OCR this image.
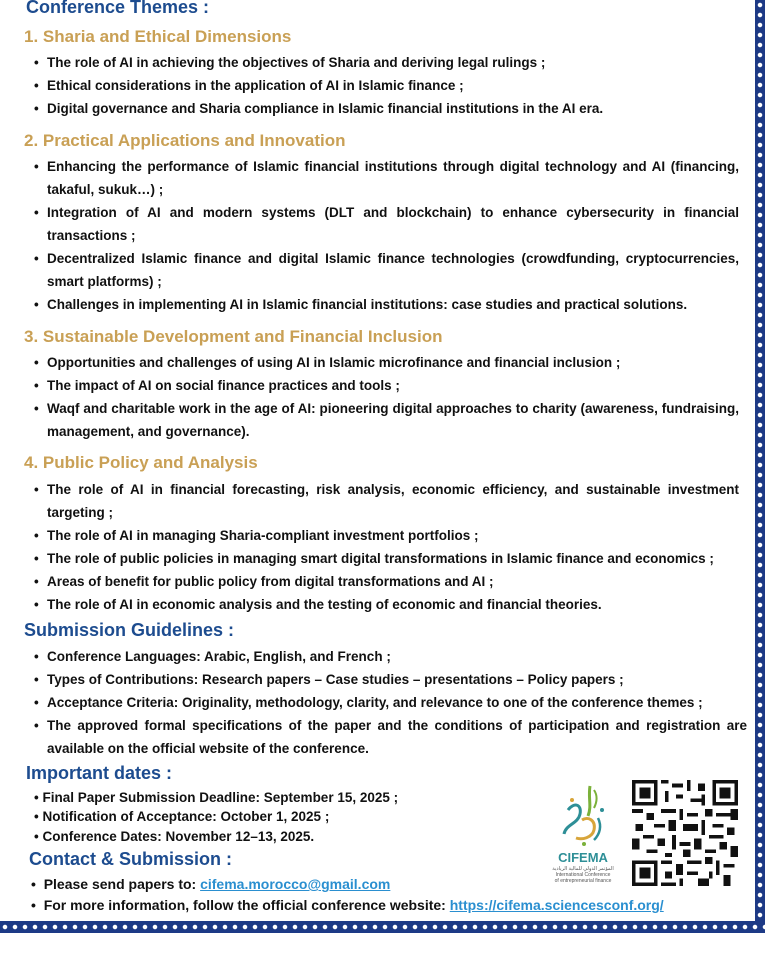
Conference Themes :
1. Sharia and Ethical Dimensions
• The role of AI in achieving the objectives of Sharia and deriving legal rulings ;
• Ethical considerations in the application of AI in Islamic finance ;
• Digital governance and Sharia compliance in Islamic financial institutions in the AI era.
2. Practical Applications and Innovation
• Enhancing the performance of Islamic financial institutions through digital technology and AI (financing, takaful, sukuk…) ;
• Integration of AI and modern systems (DLT and blockchain) to enhance cybersecurity in financial transactions ;
• Decentralized Islamic finance and digital Islamic finance technologies (crowdfunding, cryptocurrencies, smart platforms) ;
• Challenges in implementing AI in Islamic financial institutions: case studies and practical solutions.
3. Sustainable Development and Financial Inclusion
• Opportunities and challenges of using AI in Islamic microfinance and financial inclusion ;
• The impact of AI on social finance practices and tools ;
• Waqf and charitable work in the age of AI: pioneering digital approaches to charity (awareness, fundraising, management, and governance).
4. Public Policy and Analysis
• The role of AI in financial forecasting, risk analysis, economic efficiency, and sustainable investment targeting ;
• The role of AI in managing Sharia-compliant investment portfolios ;
• The role of public policies in managing smart digital transformations in Islamic finance and economics ;
• Areas of benefit for public policy from digital transformations and AI ;
• The role of AI in economic analysis and the testing of economic and financial theories.
Submission Guidelines :
• Conference Languages: Arabic, English, and French ;
• Types of Contributions: Research papers – Case studies – presentations – Policy papers ;
• Acceptance Criteria: Originality, methodology, clarity, and relevance to one of the conference themes ;
• The approved formal specifications of the paper and the conditions of participation and registration are available on the official website of the conference.
Important dates :
• Final Paper Submission Deadline: September 15, 2025 ;
• Notification of Acceptance: October 1, 2025 ;
• Conference Dates: November 12–13, 2025.
Contact & Submission :
• Please send papers to: cifema.morocco@gmail.com
• For more information, follow the official conference website: https://cifema.sciencesconf.org/
CIFEMA
المؤتمر الدولي للمالية الريادية
International Conference
of entrepreneurial finance
